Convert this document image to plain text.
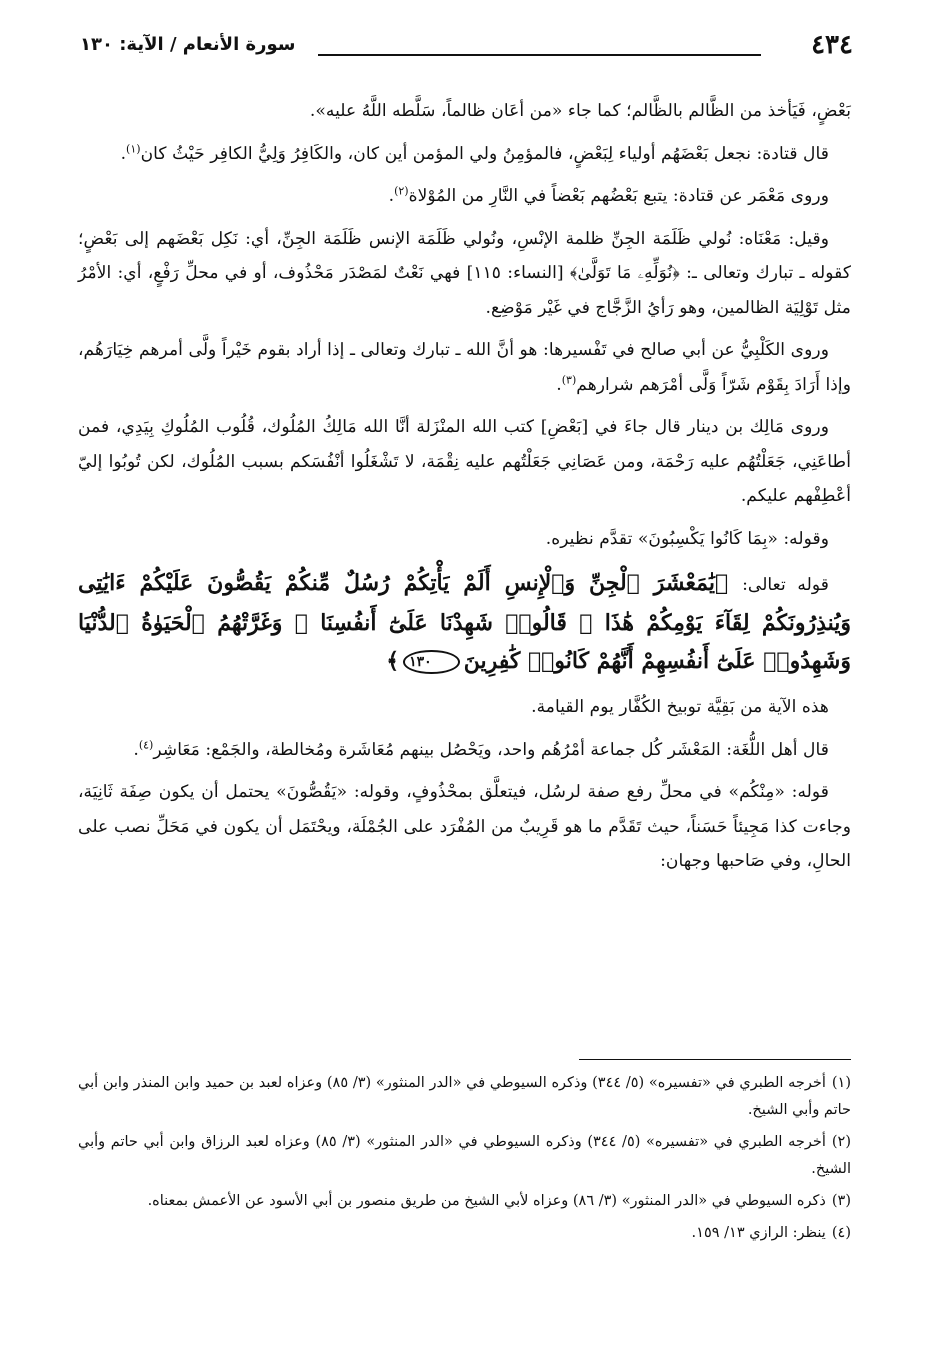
٤٣٤
سورة الأنعام / الآية: ١٣٠

بَعْضٍ، فَيَأخذ من الظَّالم بالظَّالم؛ كما جاء «من أعَان ظالماً، سَلَّطه اللَّهُ عليه».

قال قتادة: نجعل بَعْضَهُم أولياء لِبَعْضٍ، فالمؤمِنُ ولي المؤمن أين كان، والكَافِرُ وَلِيُّ الكافِر حَيْثُ كان$^{(١)}$.

وروى مَعْمَر عن قتادة: يتبع بَعْضُهم بَعْضاً في النَّارِ من المُوْلاة$^{(٢)}$.

وقيل: مَعْنَاه: نُولي ظَلَمَة الجِنِّ ظلمة الإنْسِ، ونُولي ظَلَمَة الإنس ظَلَمَة الجِنِّ، أي: نَكِل بَعْضَهم إلى بَعْضٍ؛ كقوله ـ تبارك وتعالى ـ: ﴿نُوَلِّهِۦ مَا تَوَلَّىٰ﴾ [النساء: ١١٥] فهي نَعْتٌ لمَصْدَر مَحْذُوف، أو في محلِّ رَفْعٍ، أي: الأمْرُ مثل تَوْلِيَة الظالمين، وهو رَأيُ الزَّجَّاج في غَيْر مَوْضِع.

وروى الكَلْبِيُّ عن أبي صالح في تَفْسيرها: هو أنَّ الله ـ تبارك وتعالى ـ إذا أراد بقوم خَيْراً ولَّى أمرهم خِيَارَهُم، وإذا أَرَادَ بِقَوْم شَرّاً وَلَّى أمْرَهم شرارهم$^{(٣)}$.

وروى مَالِك بن دينار قال جاءَ في [بَعْضِ] كتب الله المنْزَلة أنَّا الله مَالِكُ المُلُوك، قُلُوب المُلُوكِ بِيَدِي، فمن أطاعَنِي، جَعَلْتُهُم عليه رَحْمَة، ومن عَصَانِي جَعَلْتُهم عليه نِقْمَة، لا تَشْغَلُوا أنْفُسَكم بسبب المُلُوك، لكن تُوبُوا إليّ أعْطِفْهم عليكم.

وقوله: «بِمَا كَانُوا يَكْسِبُونَ» تقدَّم نظيره.

قوله تعالى: ﴿يَٰمَعْشَرَ ٱلْجِنِّ وَٱلْإِنسِ أَلَمْ يَأْتِكُمْ رُسُلٌ مِّنكُمْ يَقُصُّونَ عَلَيْكُمْ ءَايَٰتِى وَيُنذِرُونَكُمْ لِقَآءَ يَوْمِكُمْ هَٰذَا ۚ قَالُوا۟ شَهِدْنَا عَلَىٰٓ أَنفُسِنَا ۖ وَغَرَّتْهُمُ ٱلْحَيَوٰةُ ٱلدُّنْيَا وَشَهِدُوا۟ عَلَىٰٓ أَنفُسِهِمْ أَنَّهُمْ كَانُوا۟ كَٰفِرِينَ١٣٠﴾

هذه الآية من بَقِيَّة توبيخ الكُفَّار يوم القيامة.

قال أهل اللُّغَة: المَعْشَر كُل جماعة أمْرُهُم واحد، ويَحْصُل بينهم مُعَاشَرة ومُخالطة، والجَمْع: مَعَاشِر$^{(٤)}$.

قوله: «مِنْكُم» في محلِّ رفع صفة لرسُل، فيتعلَّق بمحْذُوفٍ، وقوله: «يَقُصُّونَ» يحتمل أن يكون صِفَة ثَانِيَة، وجاءت كذا مَجِيئاً حَسَناً، حيث تَقَدَّم ما هو قَرِيبٌ من المُفْرَد على الجُمْلَة، ويحْتَمَل أن يكون في مَحَلِّ نصب على الحالِ، وفي صَاحبها وجهان:

(١)أخرجه الطبري في «تفسيره» (٥/ ٣٤٤) وذكره السيوطي في «الدر المنثور» (٣/ ٨٥) وعزاه لعبد بن حميد وابن المنذر وابن أبي حاتم وأبي الشيخ.

(٢)أخرجه الطبري في «تفسيره» (٥/ ٣٤٤) وذكره السيوطي في «الدر المنثور» (٣/ ٨٥) وعزاه لعبد الرزاق وابن أبي حاتم وأبي الشيخ.

(٣)ذكره السيوطي في «الدر المنثور» (٣/ ٨٦) وعزاه لأبي الشيخ من طريق منصور بن أبي الأسود عن الأعمش بمعناه.

(٤)ينظر: الرازي ١٣/ ١٥٩.
